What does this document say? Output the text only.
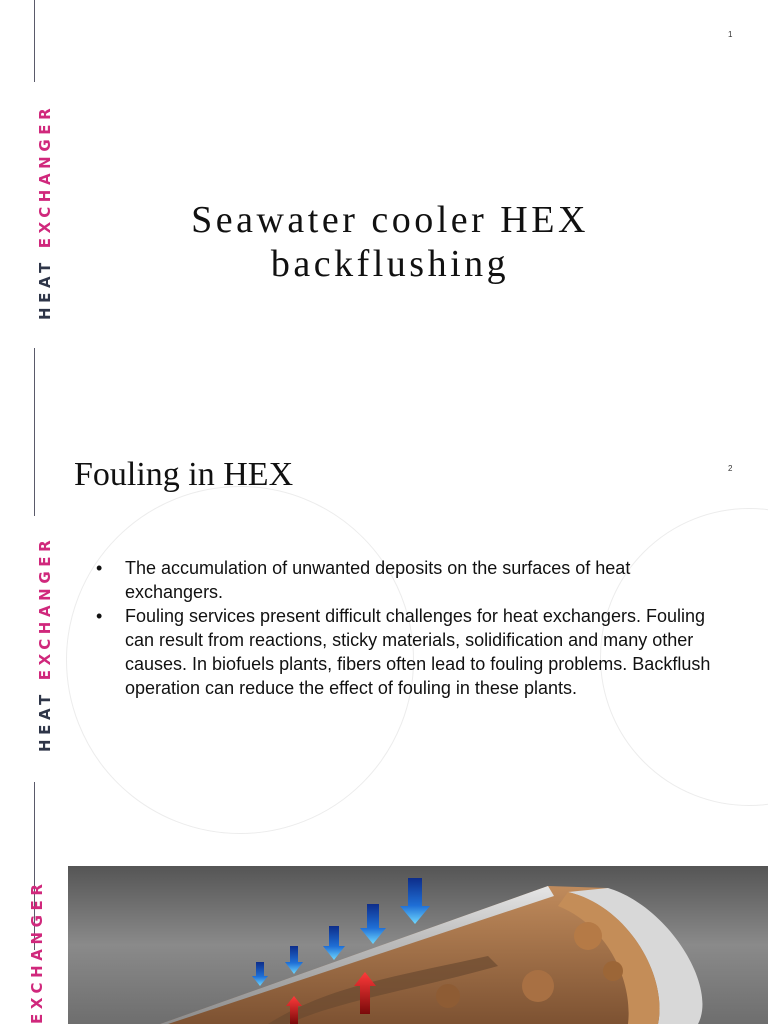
HEAT EXCHANGER
1
Seawater cooler HEX
backflushing
HEAT EXCHANGER
EXCHANGER
2
Fouling in HEX
• The accumulation of unwanted deposits on the surfaces of heat exchangers.
• Fouling services present difficult challenges for heat exchangers. Fouling can result from reactions, sticky materials, solidification and many other causes. In biofuels plants, fibers often lead to fouling problems. Backflush operation can reduce the effect of fouling in these plants.
